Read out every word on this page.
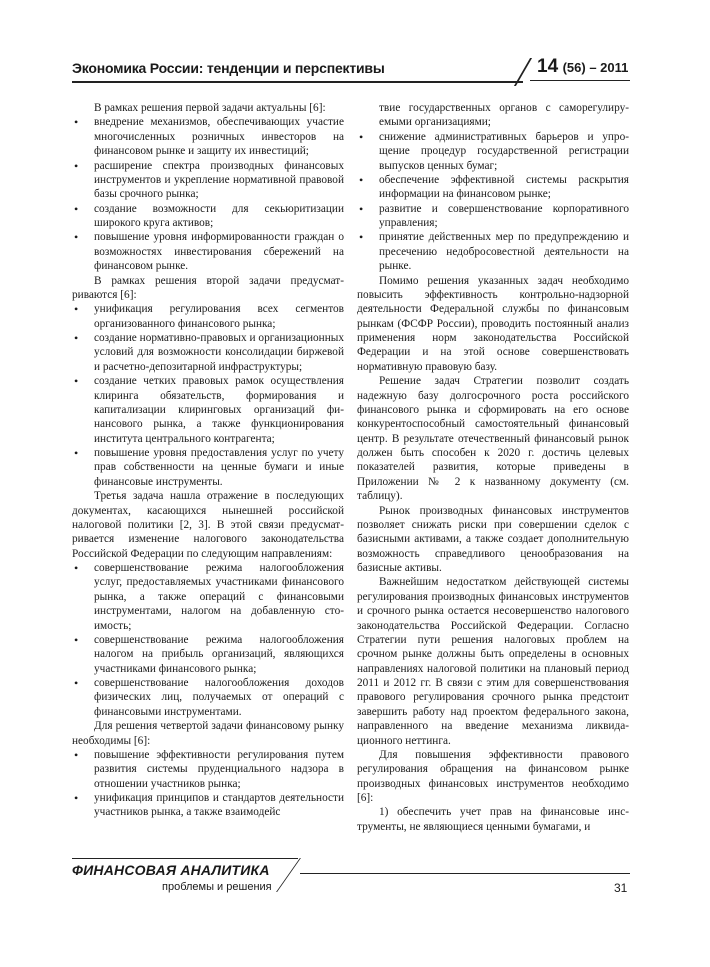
Экономика России: тенденции и перспективы	14 (56) – 2011

В рамках решения первой задачи актуальны [6]:

• внедрение механизмов, обеспечивающих участие многочисленных розничных инвесторов на финансовом рынке и защиту их инвестиций;
• расширение спектра производных финансовых инструментов и укрепление нормативной правовой базы срочного рынка;
• создание возможности для секьюритизации широкого круга активов;
• повышение уровня информированности граждан о возможностях инвестирования сбережений на финансовом рынке.

В рамках решения второй задачи предусматриваются [6]:

• унификация регулирования всех сегментов организованного финансового рынка;
• создание нормативно-правовых и организационных условий для возможности консолидации биржевой и расчетно-депозитарной инфраструктуры;
• создание четких правовых рамок осуществления клиринга обязательств, формирования и капитализации клиринговых организаций финансового рынка, а также функционирования института центрального контрагента;
• повышение уровня предоставления услуг по учету прав собственности на ценные бумаги и иные финансовые инструменты.

Третья задача нашла отражение в последующих документах, касающихся нынешней российской налоговой политики [2, 3]. В этой связи предусматривается изменение налогового законодательства Российской Федерации по следующим направлениям:

• совершенствование режима налогообложения услуг, предоставляемых участниками финансового рынка, а также операций с финансовыми инструментами, налогом на добавленную стоимость;
• совершенствование режима налогообложения налогом на прибыль организаций, являющихся участниками финансового рынка;
• совершенствование налогообложения доходов физических лиц, получаемых от операций с финансовыми инструментами.

Для решения четвертой задачи финансовому рынку необходимы [6]:

• повышение эффективности регулирования путем развития системы пруденциального надзора в отношении участников рынка;
• унификация принципов и стандартов деятельности участников рынка, а также взаимодейс

твие государственных органов с саморегулируемыми организациями;

• снижение административных барьеров и упрощение процедур государственной регистрации выпусков ценных бумаг;
• обеспечение эффективной системы раскрытия информации на финансовом рынке;
• развитие и совершенствование корпоративного управления;
• принятие действенных мер по предупреждению и пресечению недобросовестной деятельности на рынке.

Помимо решения указанных задач необходимо повысить эффективность контрольно-надзорной деятельности Федеральной службы по финансовым рынкам (ФСФР России), проводить постоянный анализ применения норм законодательства Российской Федерации и на этой основе совершенствовать нормативную правовую базу.

Решение задач Стратегии позволит создать надежную базу долгосрочного роста российского финансового рынка и сформировать на его основе конкурентоспособный самостоятельный финансовый центр. В результате отечественный финансовый рынок должен быть способен к 2020 г. достичь целевых показателей развития, которые приведены в Приложении № 2 к названному документу (см. таблицу).

Рынок производных финансовых инструментов позволяет снижать риски при совершении сделок с базисными активами, а также создает дополнительную возможность справедливого ценообразования на базисные активы.

Важнейшим недостатком действующей системы регулирования производных финансовых инструментов и срочного рынка остается несовершенство налогового законодательства Российской Федерации. Согласно Стратегии пути решения налоговых проблем на срочном рынке должны быть определены в основных направлениях налоговой политики на плановый период 2011 и 2012 гг. В связи с этим для совершенствования правового регулирования срочного рынка предстоит завершить работу над проектом федерального закона, направленного на введение механизма ликвидационного неттинга.

Для повышения эффективности правового регулирования обращения на финансовом рынке производных финансовых инструментов необходимо [6]:

1) обеспечить учет прав на финансовые инструменты, не являющиеся ценными бумагами, и

ФИНАНСОВАЯ АНАЛИТИКА
проблемы и решения	31
